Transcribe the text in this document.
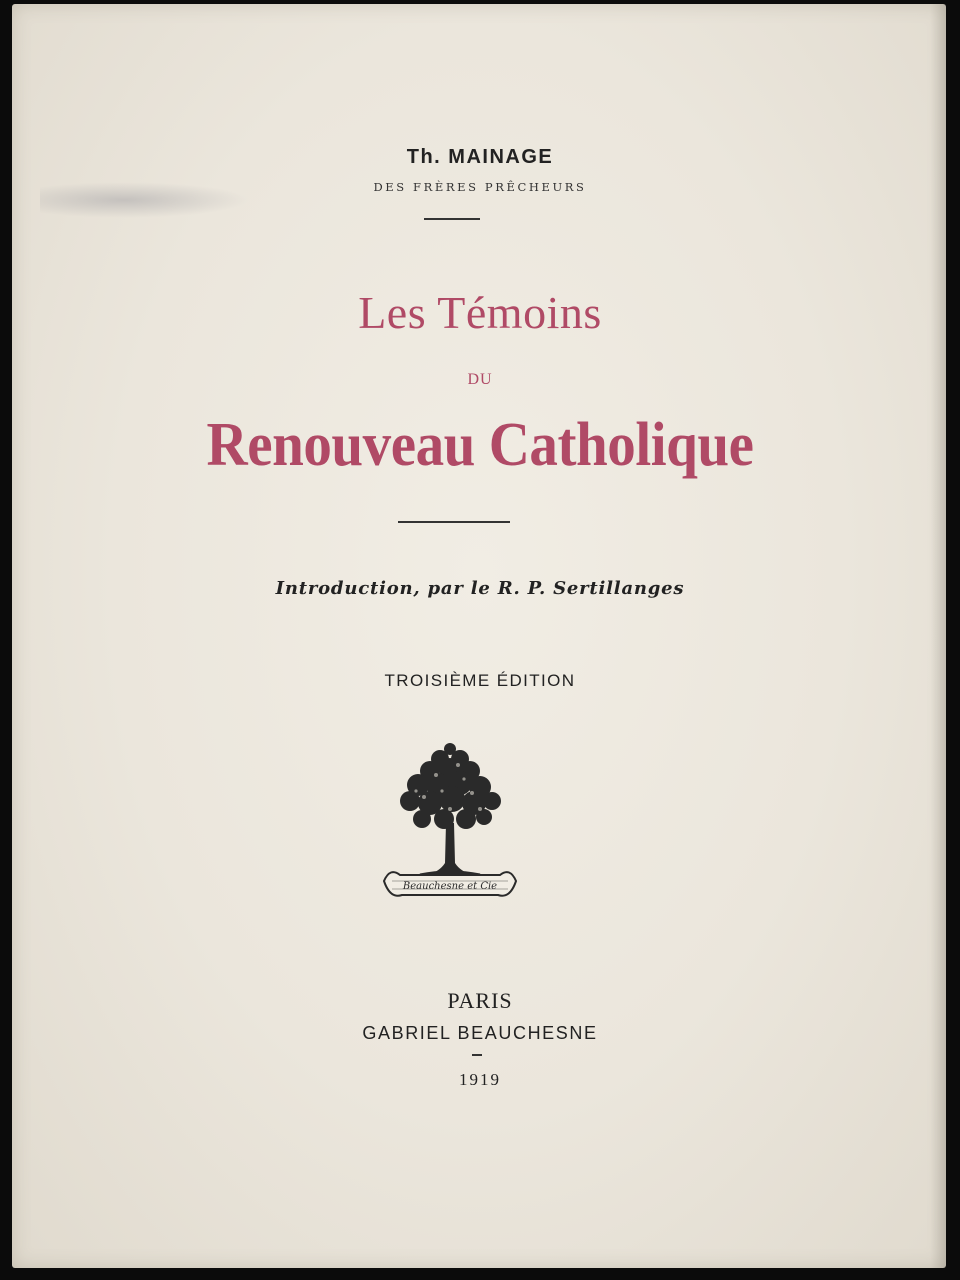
Th. MAINAGE

DES FRÈRES PRÊCHEURS

Les Témoins

DU

Renouveau Catholique

Introduction, par le R. P. Sertillanges

TROISIÈME ÉDITION

Beauchesne et Cie

PARIS

GABRIEL BEAUCHESNE

1919
